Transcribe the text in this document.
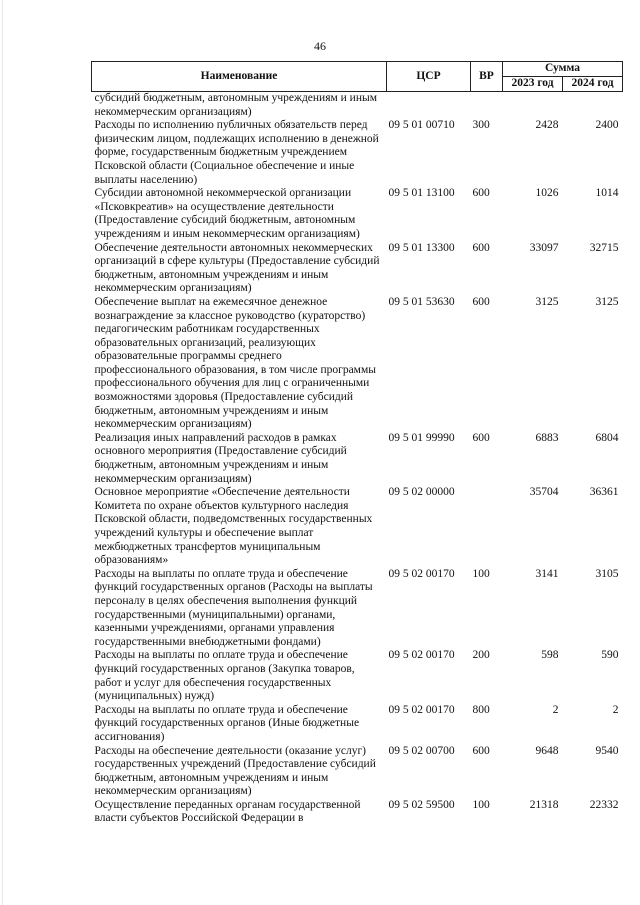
46
Наименование	ЦСР	ВР	Сумма	
			2023 год	2024 год
субсидий бюджетным, автономным учреждениям и иным некоммерческим организациям)				
Расходы по исполнению публичных обязательств перед физическим лицом, подлежащих исполнению в денежной форме, государственным бюджетным учреждением Псковской области (Социальное обеспечение и иные выплаты населению)	09 5 01 00710	300	2428	2400
Субсидии автономной некоммерческой организации «Псковкреатив» на осуществление деятельности (Предоставление субсидий бюджетным, автономным учреждениям и иным некоммерческим организациям)	09 5 01 13100	600	1026	1014
Обеспечение деятельности автономных некоммерческих организаций в сфере культуры (Предоставление субсидий бюджетным, автономным учреждениям и иным некоммерческим организациям)	09 5 01 13300	600	33097	32715
Обеспечение выплат на ежемесячное денежное вознаграждение за классное руководство (кураторство) педагогическим работникам государственных образовательных организаций, реализующих образовательные программы среднего профессионального образования, в том числе программы профессионального обучения для лиц с ограниченными возможностями здоровья (Предоставление субсидий бюджетным, автономным учреждениям и иным некоммерческим организациям)	09 5 01 53630	600	3125	3125
Реализация иных направлений расходов в рамках основного мероприятия (Предоставление субсидий бюджетным, автономным учреждениям и иным некоммерческим организациям)	09 5 01 99990	600	6883	6804
Основное мероприятие «Обеспечение деятельности Комитета по охране объектов культурного наследия Псковской области, подведомственных государственных учреждений культуры и обеспечение выплат межбюджетных трансфертов муниципальным образованиям»	09 5 02 00000		35704	36361
Расходы на выплаты по оплате труда и обеспечение функций государственных органов (Расходы на выплаты персоналу в целях обеспечения выполнения функций государственными (муниципальными) органами, казенными учреждениями, органами управления государственными внебюджетными фондами)	09 5 02 00170	100	3141	3105
Расходы на выплаты по оплате труда и обеспечение функций государственных органов (Закупка товаров, работ и услуг для обеспечения государственных (муниципальных) нужд)	09 5 02 00170	200	598	590
Расходы на выплаты по оплате труда и обеспечение функций государственных органов (Иные бюджетные ассигнования)	09 5 02 00170	800	2	2
Расходы на обеспечение деятельности (оказание услуг) государственных учреждений (Предоставление субсидий бюджетным, автономным учреждениям и иным некоммерческим организациям)	09 5 02 00700	600	9648	9540
Осуществление переданных органам государственной власти субъектов Российской Федерации в	09 5 02 59500	100	21318	22332
